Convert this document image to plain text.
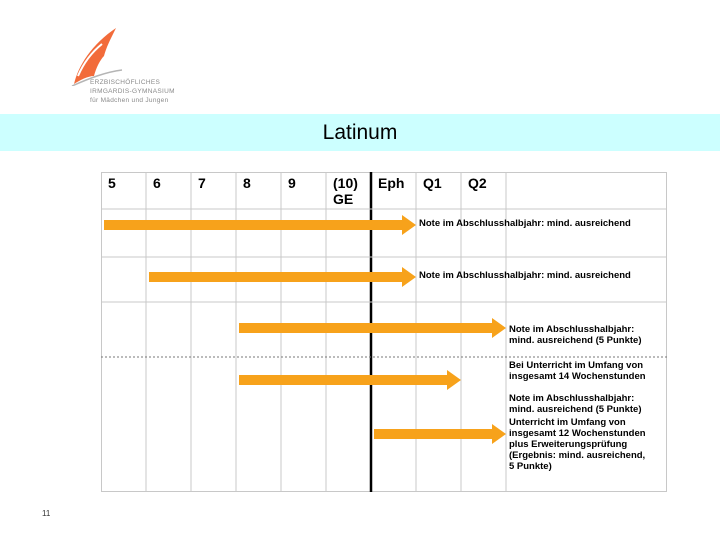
ERZBISCHÖFLICHES
IRMGARDIS-GYMNASIUM
für Mädchen und Jungen
Latinum
5	6	7	8	9	(10)
GE
Eph Q1 Q2
Note im Abschlusshalbjahr: mind. ausreichend
Note im Abschlusshalbjahr: mind. ausreichend
Note im Abschlusshalbjahr:
mind. ausreichend (5 Punkte)
Bei Unterricht im Umfang von
insgesamt 14 Wochenstunden

Note im Abschlusshalbjahr:
mind. ausreichend (5 Punkte)
Unterricht im Umfang von
insgesamt 12 Wochenstunden
plus Erweiterungsprüfung
(Ergebnis: mind. ausreichend,
5 Punkte)
11
